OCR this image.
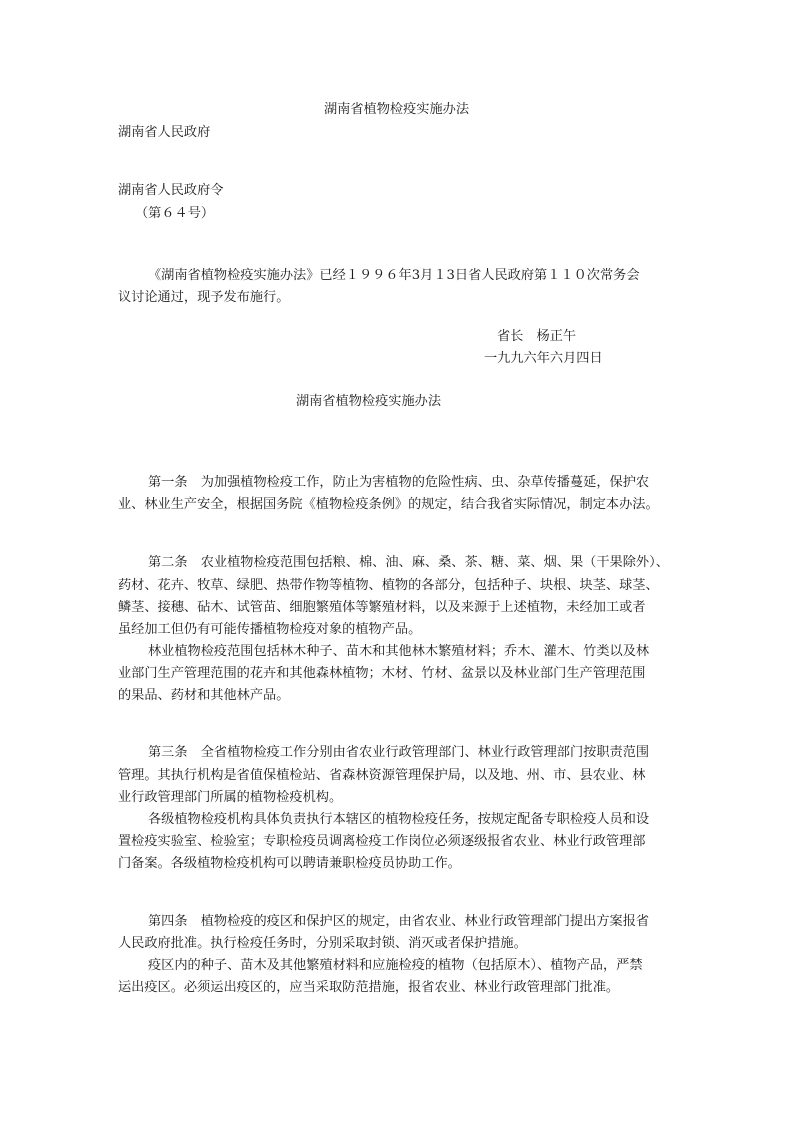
湖南省植物检疫实施办法
湖南省人民政府
湖南省人民政府令
（第６４号）
《湖南省植物检疫实施办法》已经１９９６年3月１3日省人民政府第１１０次常务会
议讨论通过，现予发布施行。
省长　杨正午
一九九六年六月四日
湖南省植物检疫实施办法
第一条　为加强植物检疫工作，防止为害植物的危险性病、虫、杂草传播蔓延，保护农
业、林业生产安全，根据国务院《植物检疫条例》的规定，结合我省实际情况，制定本办法。
第二条　农业植物检疫范围包括粮、棉、油、麻、桑、茶、糖、菜、烟、果（干果除外）、
药材、花卉、牧草、绿肥、热带作物等植物、植物的各部分，包括种子、块根、块茎、球茎、
鳞茎、接穗、砧木、试管苗、细胞繁殖体等繁殖材料，以及来源于上述植物，未经加工或者
虽经加工但仍有可能传播植物检疫对象的植物产品。
林业植物检疫范围包括林木种子、苗木和其他林木繁殖材料；乔木、灌木、竹类以及林
业部门生产管理范围的花卉和其他森林植物；木材、竹材、盆景以及林业部门生产管理范围
的果品、药材和其他林产品。
第三条　全省植物检疫工作分别由省农业行政管理部门、林业行政管理部门按职责范围
管理。其执行机构是省值保植检站、省森林资源管理保护局，以及地、州、市、县农业、林
业行政管理部门所属的植物检疫机构。
各级植物检疫机构具体负责执行本辖区的植物检疫任务，按规定配备专职检疫人员和设
置检疫实验室、检验室；专职检疫员调离检疫工作岗位必须逐级报省农业、林业行政管理部
门备案。各级植物检疫机构可以聘请兼职检疫员协助工作。
第四条　植物检疫的疫区和保护区的规定，由省农业、林业行政管理部门提出方案报省
人民政府批准。执行检疫任务时，分别采取封锁、消灭或者保护措施。
疫区内的种子、苗木及其他繁殖材料和应施检疫的植物（包括原木）、植物产品，严禁
运出疫区。必须运出疫区的，应当采取防范措施，报省农业、林业行政管理部门批准。
